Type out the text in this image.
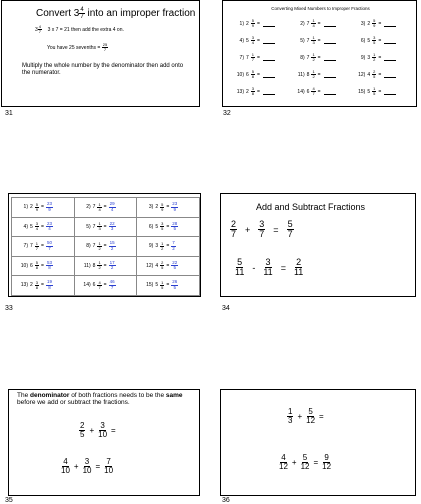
Convert $3 \frac{4}{7}$ into an improper fraction
$3 \frac{4}{7} 3$ x 7 = 21 then add the extra 4 on.
You have 25 sevenths = $\frac{25}{7}$
Multiply the whole number by the denominator then add onto the numerator.
31
Converting Mixed Numbers to Improper Fractions
1) $2 \frac{5}{9}$ =	2) $7 \frac{1}{4}$ =	3) $2 \frac{5}{9}$ =
4) $5 \frac{3}{4}$ =	5) $7 \frac{1}{3}$ =	6) $5 \frac{3}{5}$ =
7) $7 \frac{1}{7}$ =	8) $7 \frac{1}{2}$ =	9) $3 \frac{1}{2}$ =
10) $6 \frac{5}{8}$ =	11) $8 \frac{1}{2}$ =	12) $4 \frac{2}{5}$ =
13) $2 \frac{3}{8}$ =	14) $6 \frac{4}{7}$ =	15) $5 \frac{1}{5}$ =
32
1) $2 \frac{5}{9} = \frac{23}{9}$	2) $7 \frac{1}{4} = \frac{29}{4}$	3) $2 \frac{5}{9} = \frac{23}{9}$
4) $5 \frac{3}{4} = \frac{23}{4}$	5) $7 \frac{1}{3} = \frac{22}{3}$	6) $5 \frac{3}{5} = \frac{28}{5}$
7) $7 \frac{1}{7} = \frac{50}{7}$	8) $7 \frac{1}{2} = \frac{15}{2}$	9) $3 \frac{1}{2} = \frac{7}{2}$
10) $6 \frac{5}{8} = \frac{53}{8}$	11) $8 \frac{1}{2} = \frac{17}{2}$	12) $4 \frac{2}{5} = \frac{22}{5}$
13) $2 \frac{3}{8} = \frac{19}{8}$	14) $6 \frac{4}{7} = \frac{46}{7}$	15) $5 \frac{1}{5} = \frac{26}{5}$
33
Add and Subtract Fractions
$\frac{2}{7} + \frac{3}{7} = \frac{5}{7}$
$\frac{5}{11} - \frac{3}{11} = \frac{2}{11}$
34
The denominator of both fractions needs to be the same before we add or subtract the fractions.
$\frac{2}{5} + \frac{3}{10}$ =
$\frac{4}{10} + \frac{3}{10} = \frac{7}{10}$
35
$\frac{1}{3} + \frac{5}{12}$ =
$\frac{4}{12} + \frac{5}{12} = \frac{9}{12}$
36
